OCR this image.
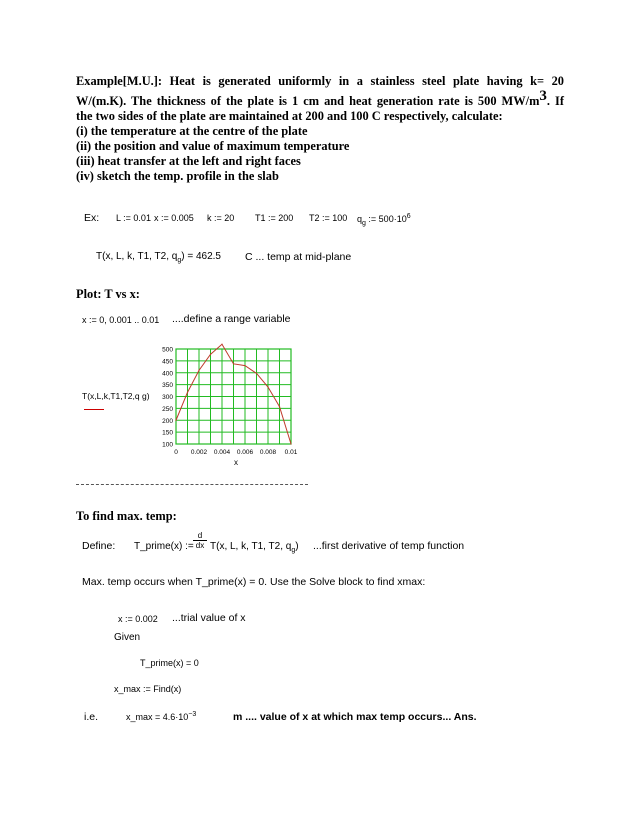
Example[M.U.]: Heat is generated uniformly in a stainless steel plate having k= 20
W/(m.K). The thickness of the plate is 1 cm and heat generation rate is 500 $MW/m^3$. If
the two sides of the plate are maintained at 200 and 100 C respectively, calculate:
(i) the temperature at the centre of the plate
(ii) the position and value of maximum temperature
(iii) heat transfer at the left and right faces
(iv) sketch the temp. profile in the slab
Ex: L := 0.01 x := 0.005 k := 20 T1 := 200 T2 := 100 $q_g$ := $500\cdot 10^6$
T(x, L, k, T1, T2, $q_g) = 462.5$ C ... temp at mid-plane
Plot: T vs x:
x := 0, 0.001 .. 0.01 ....define a range variable
100
150
200
250
300
350
400
450
500
0 0.002 0.004 0.006 0.008 0.01
T(x,L,k,T1,T2,q g)
x
To find max. temp:
Define: T_prime(x) := $\frac{d}{dx} T(x$, L, k, T1, T2, $q_g$) ...first derivative of temp function
Max. temp occurs when T_prime(x) = 0. Use the Solve block to find xmax:
x := 0.002 ...trial value of x
Given
T_prime(x) = 0
x_max := Find(x)
i.e.	x_max = $4.6\cdot 10^{-3}$	m .... value of x at which max temp occurs... Ans.
